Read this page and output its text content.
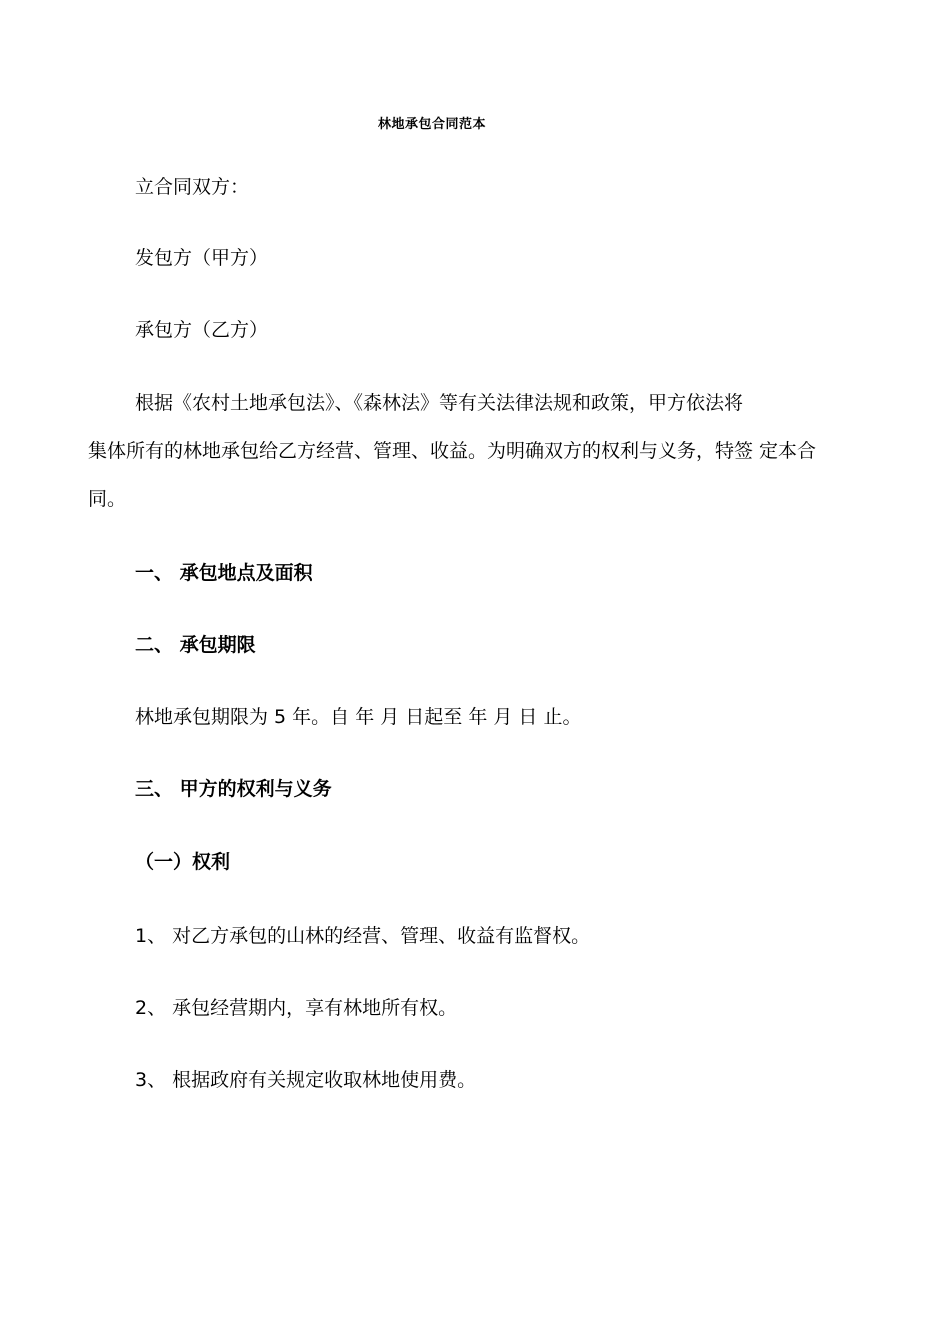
林地承包合同范本
立合同双方：
发包方（甲方）
承包方（乙方）
根据《农村土地承包法》、《森林法》等有关法律法规和政策，甲方依法将
集体所有的林地承包给乙方经营、管理、收益。为明确双方的权利与义务，特签 定本合
同。
一、 承包地点及面积
二、 承包期限
林地承包期限为 5 年。自 年 月 日起至 年 月 日 止。
三、 甲方的权利与义务
（一）权利
1、 对乙方承包的山林的经营、管理、收益有监督权。
2、 承包经营期内，享有林地所有权。
3、 根据政府有关规定收取林地使用费。
